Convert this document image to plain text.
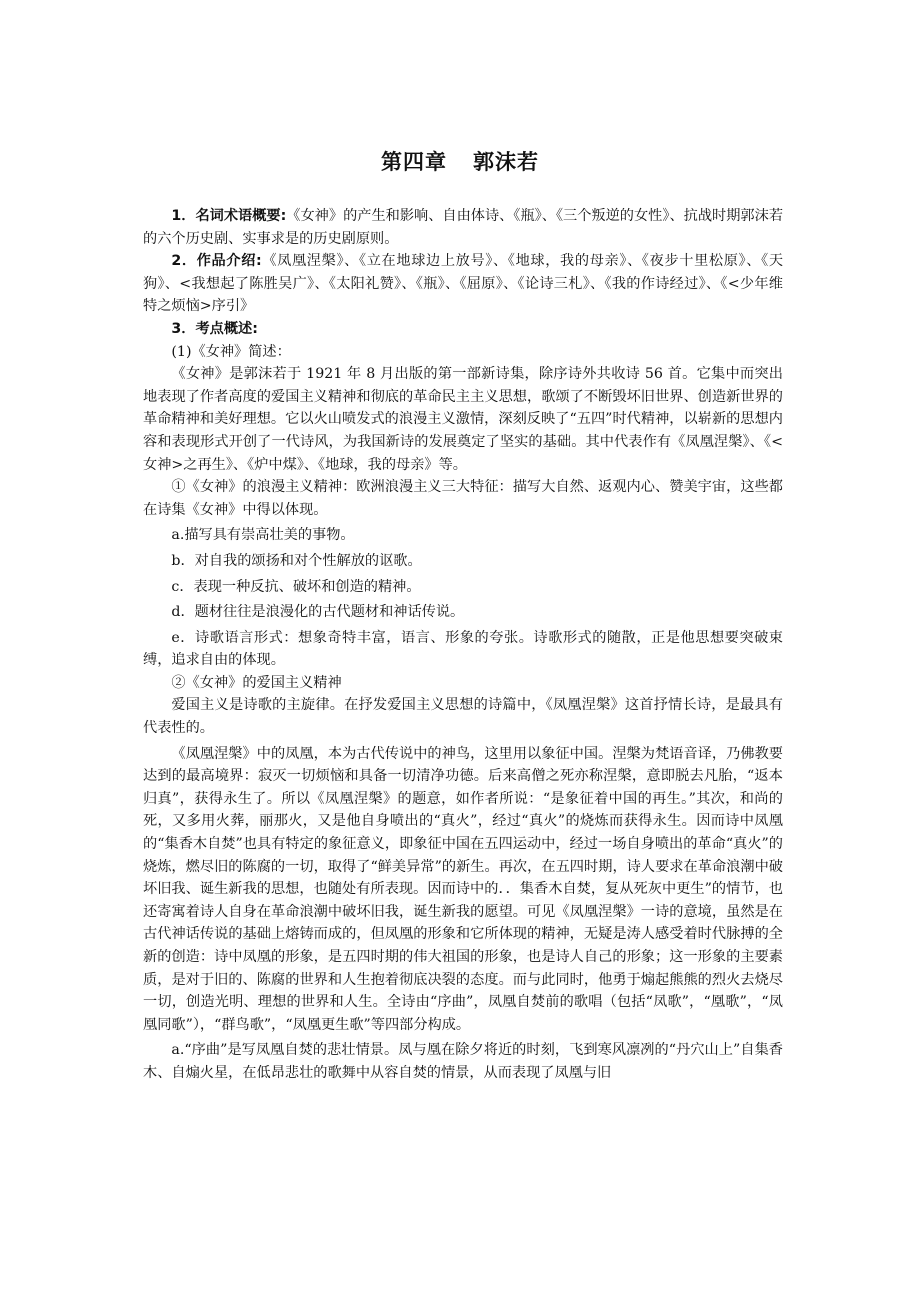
第四章 郭沫若

1．名词术语概要:《女神》的产生和影响、自由体诗、《瓶》、《三个叛逆的女性》、抗战时期郭沫若的六个历史剧、实事求是的历史剧原则。

2．作品介绍:《凤凰涅槃》、《立在地球边上放号》、《地球，我的母亲》、《夜步十里松原》、《天狗》、<我想起了陈胜吴广》、《太阳礼赞》、《瓶》、《屈原》、《论诗三札》、《我的作诗经过》、《<少年维特之烦恼>序引》

3．考点概述:

(1)《女神》简述：

《女神》是郭沫若于 1921 年 8 月出版的第一部新诗集，除序诗外共收诗 56 首。它集中而突出地表现了作者高度的爱国主义精神和彻底的革命民主主义思想，歌颂了不断毁坏旧世界、创造新世界的革命精神和美好理想。它以火山喷发式的浪漫主义激情，深刻反映了“五四”时代精神，以崭新的思想内容和表现形式开创了一代诗风，为我国新诗的发展奠定了坚实的基础。其中代表作有《凤凰涅槃》、《<女神>之再生》、《炉中煤》、《地球，我的母亲》等。

①《女神》的浪漫主义精神：欧洲浪漫主义三大特征：描写大自然、返观内心、赞美宇宙，这些都在诗集《女神》中得以体现。

a.描写具有崇高壮美的事物。

b．对自我的颂扬和对个性解放的讴歌。

c．表现一种反抗、破坏和创造的精神。

d．题材往往是浪漫化的古代题材和神话传说。

e．诗歌语言形式：想象奇特丰富，语言、形象的夸张。诗歌形式的随散，正是他思想要突破束缚，追求自由的体现。

②《女神》的爱国主义精神

爱国主义是诗歌的主旋律。在抒发爱国主义思想的诗篇中，《凤凰涅槃》这首抒情长诗，是最具有代表性的。

《凤凰涅槃》中的凤凰，本为古代传说中的神鸟，这里用以象征中国。涅槃为梵语音译，乃佛教要达到的最高境界：寂灭一切烦恼和具备一切清净功德。后来高僧之死亦称涅槃，意即脱去凡胎，“返本归真”，获得永生了。所以《凤凰涅槃》的题意，如作者所说：“是象征着中国的再生。”其次，和尚的死，又多用火葬，丽那火，又是他自身喷出的“真火”，经过“真火”的烧炼而获得永生。因而诗中凤凰的“集香木自焚”也具有特定的象征意义，即象征中国在五四运动中，经过一场自身喷出的革命“真火”的烧炼，燃尽旧的陈腐的一切，取得了“鲜美异常”的新生。再次，在五四时期，诗人要求在革命浪潮中破坏旧我、诞生新我的思想，也随处有所表现。因而诗中的．．集香木自焚，复从死灰中更生”的情节，也还寄寓着诗人自身在革命浪潮中破坏旧我，诞生新我的愿望。可见《凤凰涅槃》一诗的意境，虽然是在古代神话传说的基础上熔铸而成的，但凤凰的形象和它所体现的精神，无疑是涛人感受着时代脉搏的全新的创造：诗中凤凰的形象，是五四时期的伟大祖国的形象，也是诗人自己的形象；这一形象的主要素质，是对于旧的、陈腐的世界和人生抱着彻底决裂的态度。而与此同时，他勇于煽起熊熊的烈火去烧尽一切，创造光明、理想的世界和人生。全诗由“序曲”，凤凰自焚前的歌唱（包括“凤歌”，“凰歌”，“凤凰同歌”），“群鸟歌”，“凤凰更生歌”等四部分构成。

a.“序曲”是写凤凰自焚的悲壮情景。凤与凰在除夕将近的时刻，飞到寒风凛冽的“丹穴山上”自集香木、自煽火星，在低昂悲壮的歌舞中从容自焚的情景，从而表现了凤凰与旧
